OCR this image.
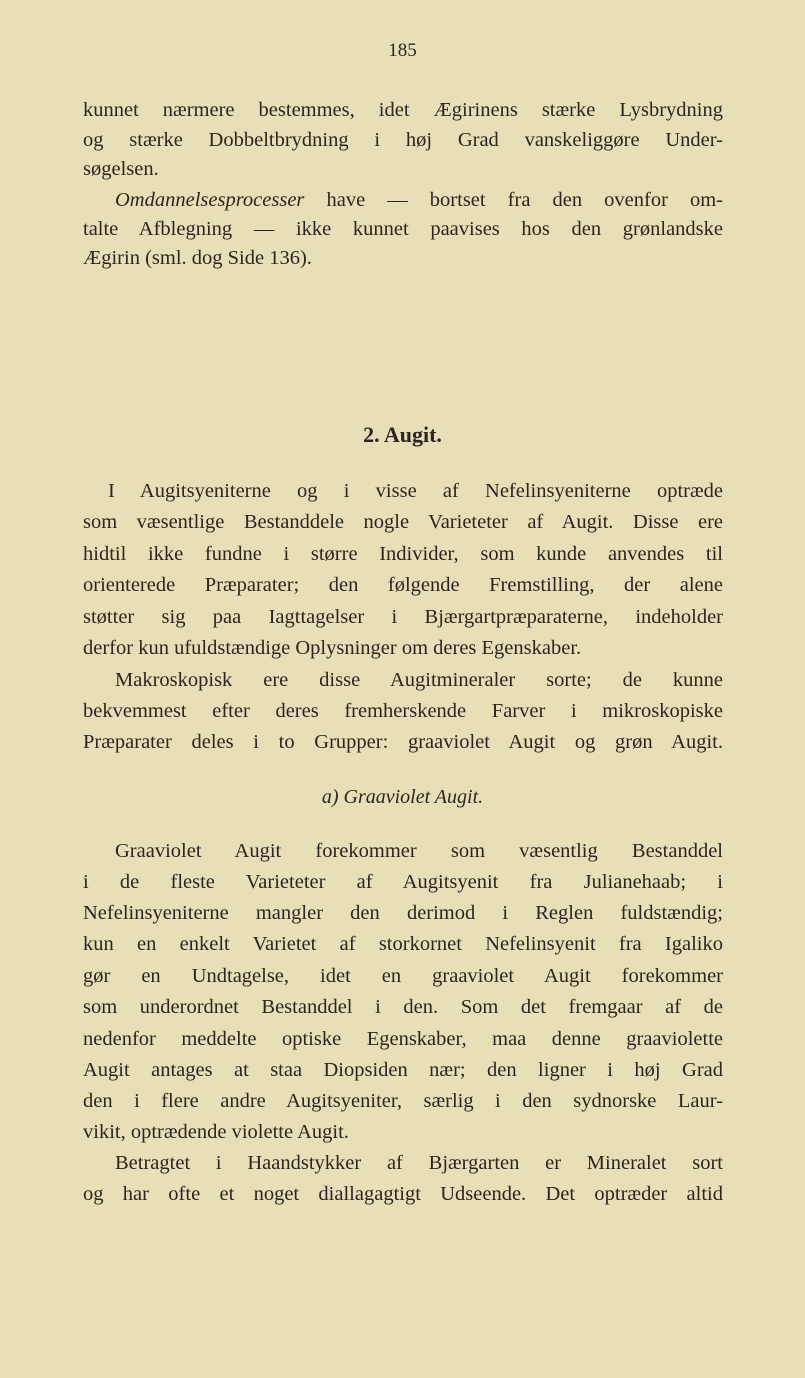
185
kunnet nærmere bestemmes, idet Ægirinens stærke Lysbrydning
og stærke Dobbeltbrydning i høj Grad vanskeliggøre Under-
søgelsen.
Omdannelsesprocesser have — bortset fra den ovenfor om-
talte Afblegning — ikke kunnet paavises hos den grønlandske
Ægirin (sml. dog Side 136).
2. Augit.
I Augitsyeniterne og i visse af Nefelinsyeniterne optræde
som væsentlige Bestanddele nogle Varieteter af Augit. Disse ere
hidtil ikke fundne i større Individer, som kunde anvendes til
orienterede Præparater; den følgende Fremstilling, der alene
støtter sig paa Iagttagelser i Bjærgartpræparaterne, indeholder
derfor kun ufuldstændige Oplysninger om deres Egenskaber.
Makroskopisk ere disse Augitmineraler sorte; de kunne
bekvemmest efter deres fremherskende Farver i mikroskopiske
Præparater deles i to Grupper: graaviolet Augit og grøn Augit.
a) Graaviolet Augit.
Graaviolet Augit forekommer som væsentlig Bestanddel
i de fleste Varieteter af Augitsyenit fra Julianehaab; i
Nefelinsyeniterne mangler den derimod i Reglen fuldstændig;
kun en enkelt Varietet af storkornet Nefelinsyenit fra Igaliko
gør en Undtagelse, idet en graaviolet Augit forekommer
som underordnet Bestanddel i den. Som det fremgaar af de
nedenfor meddelte optiske Egenskaber, maa denne graaviolette
Augit antages at staa Diopsiden nær; den ligner i høj Grad
den i flere andre Augitsyeniter, særlig i den sydnorske Laur-
vikit, optrædende violette Augit.
Betragtet i Haandstykker af Bjærgarten er Mineralet sort
og har ofte et noget diallagagtigt Udseende. Det optræder altid
